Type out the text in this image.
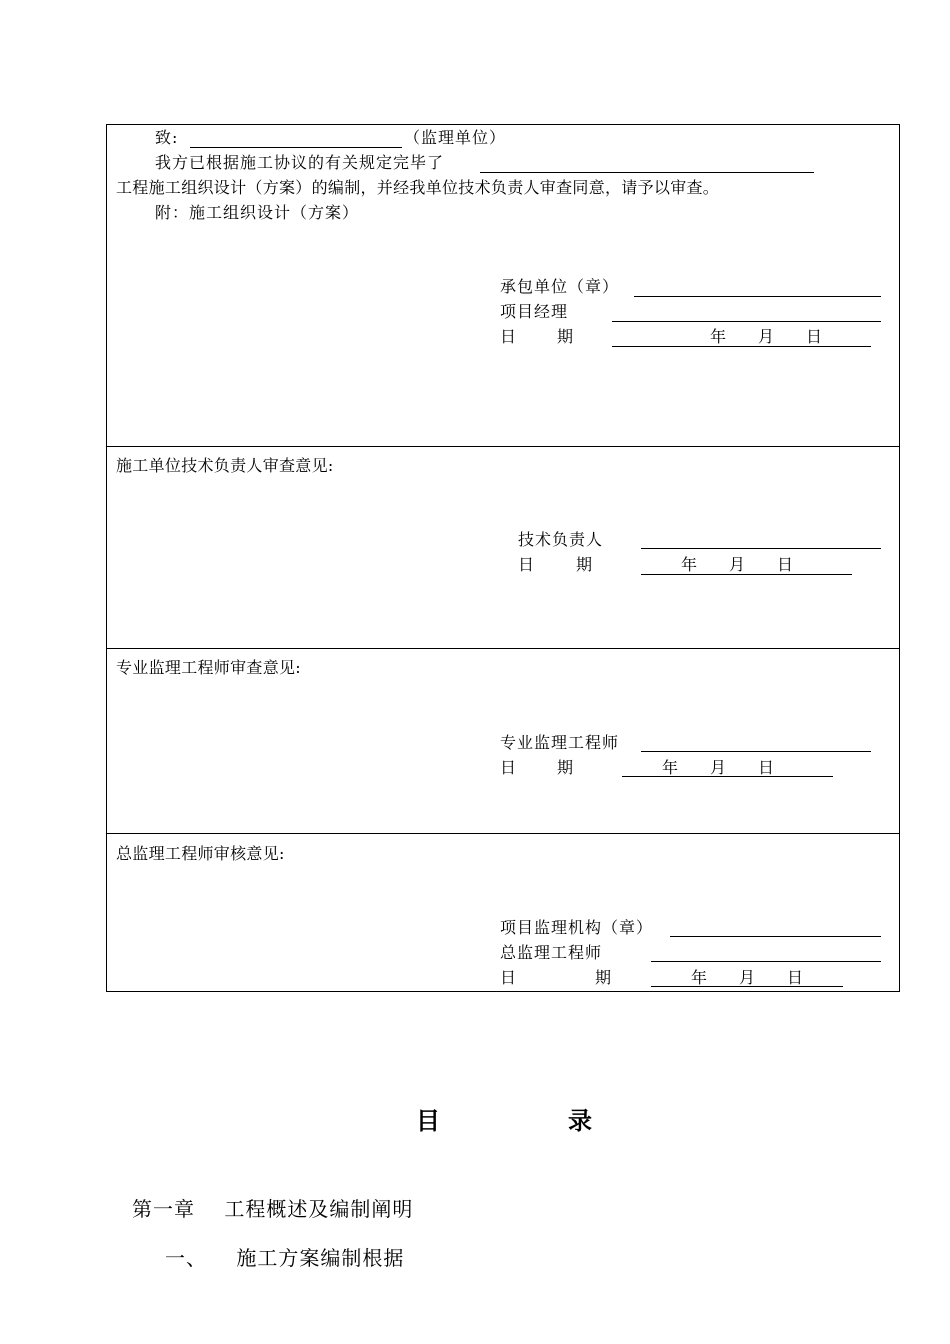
致:	（监理单位）
我方已根据施工协议的有关规定完毕了
工程施工组织设计（方案）的编制，并经我单位技术负责人审查同意，请予以审查。
附：施工组织设计（方案）
承包单位（章）
项目经理
日 期	年 月 日
施工单位技术负责人审查意见:
技术负责人
日	期	年 月 日
专业监理工程师审查意见:
专业监理工程师
日 期	年 月 日
总监理工程师审核意见:
项目监理机构（章）
总监理工程师
日	期	年 月 日
目	录
第一章    工程概述及编制阐明
一、    施工方案编制根据
